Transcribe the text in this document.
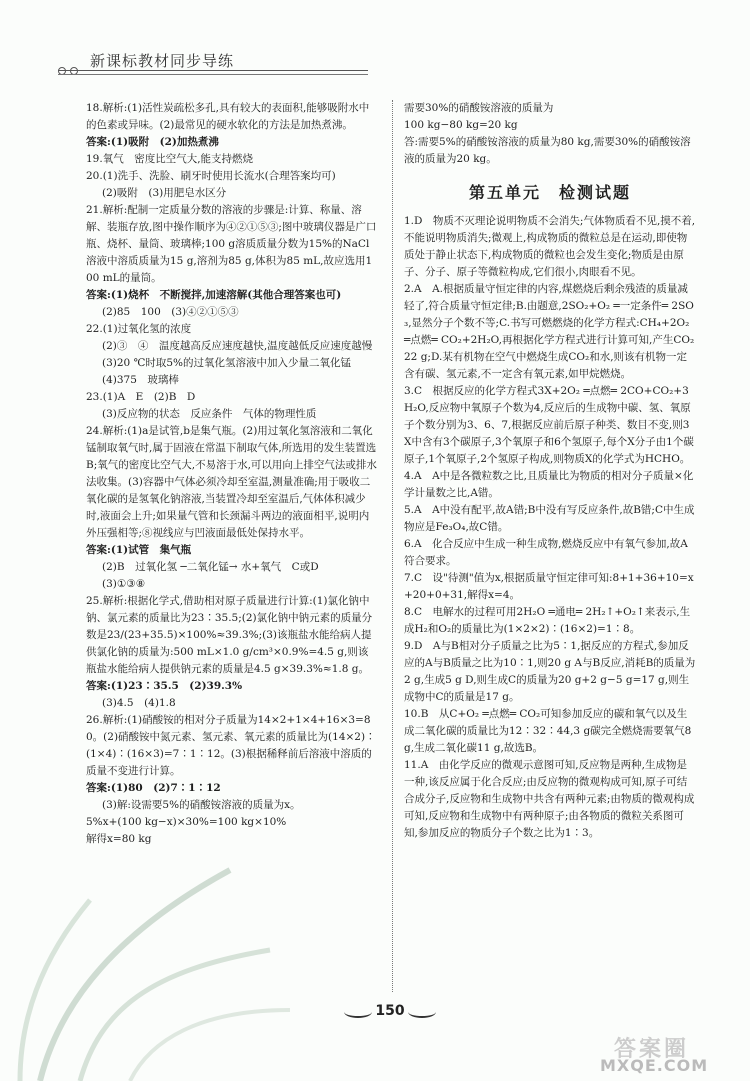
新课标教材同步导练

18.解析:(1)活性炭疏松多孔,具有较大的表面积,能够吸附水中的色素或异味。(2)最常见的硬水软化的方法是加热煮沸。

答案:(1)吸附　(2)加热煮沸

19.氧气　密度比空气大,能支持燃烧

20.(1)洗手、洗脸、刷牙时使用长流水(合理答案均可)

(2)吸附　(3)用肥皂水区分

21.解析:配制一定质量分数的溶液的步骤是:计算、称量、溶解、装瓶存放,图中操作顺序为④②①⑤③;图中玻璃仪器是广口瓶、烧杯、量筒、玻璃棒;100 g溶质质量分数为15%的NaCl溶液中溶质质量为15 g,溶剂为85 g,体积为85 mL,故应选用100 mL的量筒。

答案:(1)烧杯　不断搅拌,加速溶解(其他合理答案也可)

(2)85　100　(3)④②①⑤③

22.(1)过氧化氢的浓度

(2)③　④　温度越高反应速度越快,温度越低反应速度越慢

(3)20 ℃时取5%的过氧化氢溶液中加入少量二氧化锰

(4)375　玻璃棒

23.(1)A　E　(2)B　D

(3)反应物的状态　反应条件　气体的物理性质

24.解析:(1)a是试管,b是集气瓶。(2)用过氧化氢溶液和二氧化锰制取氧气时,属于固液在常温下制取气体,所选用的发生装置选B;氧气的密度比空气大,不易溶于水,可以用向上排空气法或排水法收集。(3)容器中气体必须冷却至室温,测量准确;用于吸收二氧化碳的是氢氧化钠溶液,当装置冷却至室温后,气体体积减少时,液面会上升;如果量气管和长颈漏斗两边的液面相平,说明内外压强相等;⑧视线应与凹液面最低处保持水平。

答案:(1)试管　集气瓶

(2)B　过氧化氢 ─二氧化锰→ 水+氧气　C或D

(3)①③⑧

25.解析:根据化学式,借助相对原子质量进行计算:(1)氯化钠中钠、氯元素的质量比为23∶35.5;(2)氯化钠中钠元素的质量分数是23/(23+35.5)×100%≈39.3%;(3)该瓶盐水能给病人提供氯化钠的质量为:500 mL×1.0 g/cm³×0.9%=4.5 g,则该瓶盐水能给病人提供钠元素的质量是4.5 g×39.3%≈1.8 g。

答案:(1)23∶35.5　(2)39.3%

(3)4.5　(4)1.8

26.解析:(1)硝酸铵的相对分子质量为14×2+1×4+16×3=80。(2)硝酸铵中氮元素、氢元素、氧元素的质量比为(14×2)∶(1×4)∶(16×3)=7∶1∶12。(3)根据稀释前后溶液中溶质的质量不变进行计算。

答案:(1)80　(2)7∶1∶12

(3)解:设需要5%的硝酸铵溶液的质量为x。

5%x+(100 kg−x)×30%=100 kg×10%

解得x=80 kg

需要30%的硝酸铵溶液的质量为

100 kg−80 kg=20 kg

答:需要5%的硝酸铵溶液的质量为80 kg,需要30%的硝酸铵溶液的质量为20 kg。

第五单元　检测试题

1.D　物质不灭理论说明物质不会消失;气体物质看不见,摸不着,不能说明物质消失;微观上,构成物质的微粒总是在运动,即使物质处于静止状态下,构成物质的微粒也会发生变化;物质是由原子、分子、原子等微粒构成,它们很小,肉眼看不见。

2.A　A.根据质量守恒定律的内容,煤燃烧后剩余残渣的质量减轻了,符合质量守恒定律;B.由题意,2SO₂+O₂ ═一定条件═ 2SO₃,显然分子个数不等;C.书写可燃燃烧的化学方程式:CH₄+2O₂ ═点燃═ CO₂+2H₂O,再根据化学方程式进行计算可知,产生CO₂ 22 g;D.某有机物在空气中燃烧生成CO₂和水,则该有机物一定含有碳、氢元素,不一定含有氧元素,如甲烷燃烧。

3.C　根据反应的化学方程式3X+2O₂ ═点燃═ 2CO+CO₂+3H₂O,反应物中氧原子个数为4,反应后的生成物中碳、氢、氧原子个数分别为3、6、7,根据反应前后原子种类、数目不变,则3X中含有3个碳原子,3个氧原子和6个氢原子,每个X分子由1个碳原子,1个氧原子,2个氢原子构成,则物质X的化学式为HCHO。

4.A　A中是各微粒数之比,且质量比为物质的相对分子质量×化学计量数之比,A错。

5.A　A中没有配平,故A错;B中没有写反应条件,故B错;C中生成物应是Fe₃O₄,故C错。

6.A　化合反应中生成一种生成物,燃烧反应中有氧气参加,故A符合要求。

7.C　设"待测"值为x,根据质量守恒定律可知:8+1+36+10=x+20+0+31,解得x=4。

8.C　电解水的过程可用2H₂O ═通电═ 2H₂↑+O₂↑来表示,生成H₂和O₂的质量比为(1×2×2)∶(16×2)=1∶8。

9.D　A与B相对分子质量之比为5∶1,据反应的方程式,参加反应的A与B质量之比为10∶1,则20 g A与B反应,消耗B的质量为2 g,生成5 g D,则生成C的质量为20 g+2 g−5 g=17 g,则生成物中C的质量是17 g。

10.B　从C+O₂ ═点燃═ CO₂可知参加反应的碳和氧气以及生成二氧化碳的质量比为12∶32∶44,3 g碳完全燃烧需要氧气8 g,生成二氧化碳11 g,故选B。

11.A　由化学反应的微观示意图可知,反应物是两种,生成物是一种,该反应属于化合反应;由反应物的微观构成可知,原子可结合成分子,反应物和生成物中共含有两种元素;由物质的微观构成可知,反应物和生成物中有两种原子;由各物质的微粒关系图可知,参加反应的物质分子个数之比为1∶3。

150
答案圈
MXQE.COM
